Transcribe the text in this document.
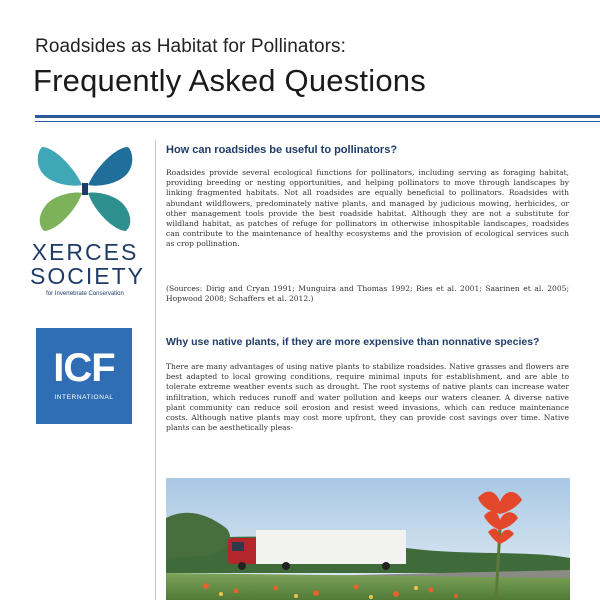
Roadsides as Habitat for Pollinators:
Frequently Asked Questions
XERCES
SOCIETY
for Invertebrate Conservation
ICF
INTERNATIONAL
How can roadsides be useful to pollinators?
Roadsides provide several ecological functions for pollinators, including serving as foraging habitat, providing breeding or nesting opportunities, and helping pollinators to move through landscapes by linking fragmented habitats. Not all roadsides are equally beneficial to pollinators. Roadsides with abundant wildflowers, predominately native plants, and managed by judicious mowing, herbicides, or other management tools provide the best roadside habitat. Although they are not a substitute for wildland habitat, as patches of refuge for pollinators in otherwise inhospitable landscapes, roadsides can contribute to the maintenance of healthy ecosystems and the provision of ecological services such as crop pollination.
(Sources: Dirig and Cryan 1991; Munguira and Thomas 1992; Ries et al. 2001; Saarinen et al. 2005; Hopwood 2008; Schaffers et al. 2012.)
Why use native plants, if they are more expensive than nonnative species?
There are many advantages of using native plants to stabilize roadsides. Native grasses and flowers are best adapted to local growing conditions, require minimal inputs for establishment, and are able to tolerate extreme weather events such as drought. The root systems of native plants can increase water infiltration, which reduces runoff and water pollution and keeps our waters cleaner. A diverse native plant community can reduce soil erosion and resist weed invasions, which can reduce maintenance costs. Although native plants may cost more upfront, they can provide cost savings over time. Native plants can be aesthetically pleas-
